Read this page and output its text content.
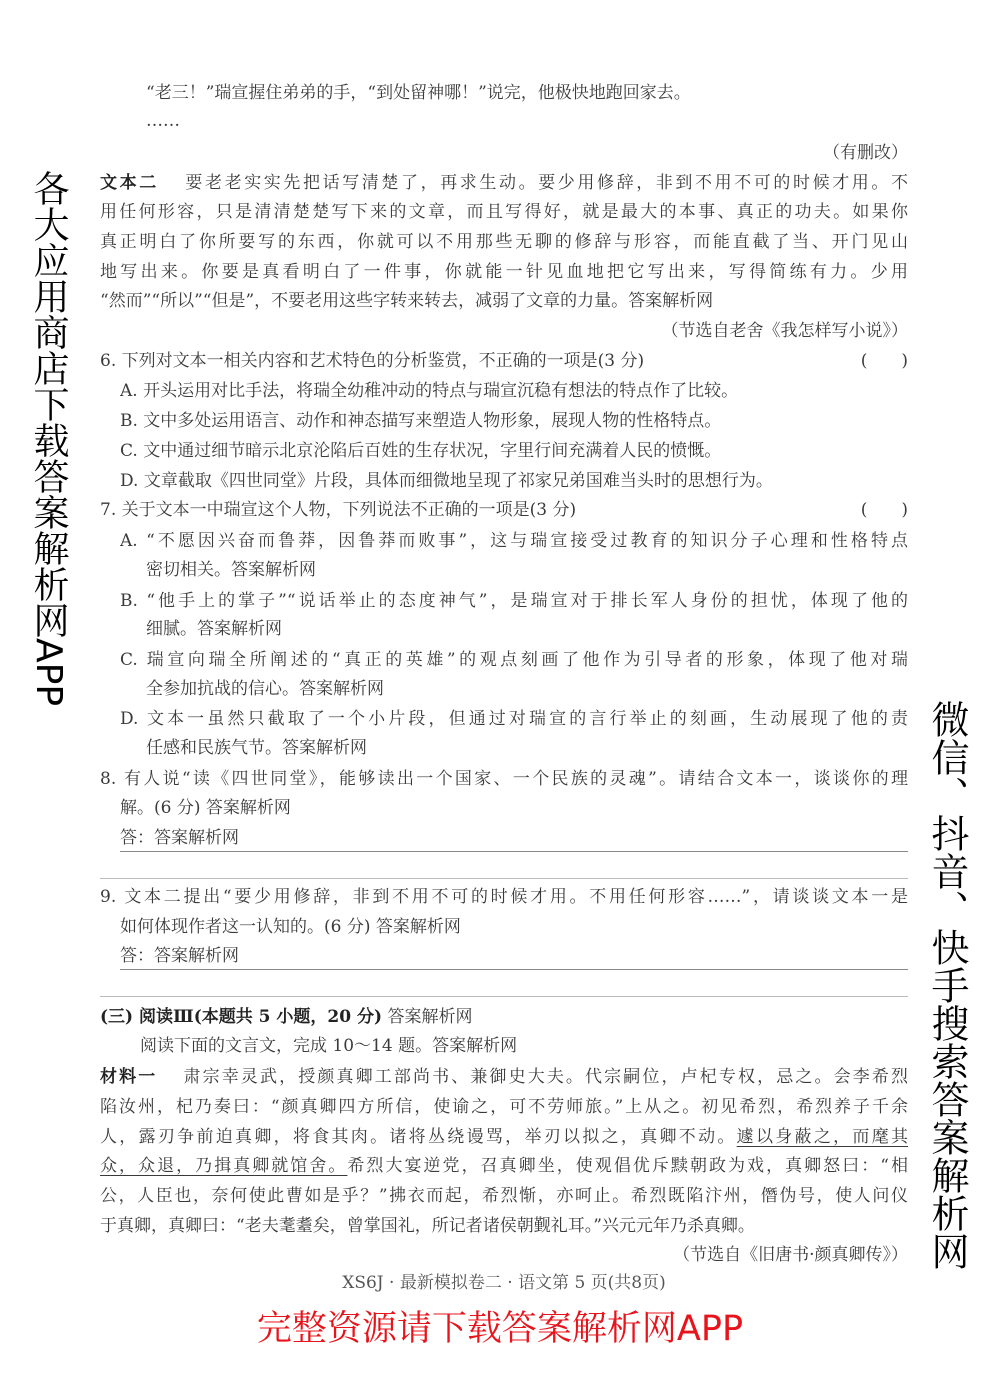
“老三！”瑞宣握住弟弟的手，“到处留神哪！”说完，他极快地跑回家去。
……
（有删改）
文本二 要老老实实先把话写清楚了，再求生动。要少用修辞，非到不用不可的时候才用。不
用任何形容，只是清清楚楚写下来的文章，而且写得好，就是最大的本事、真正的功夫。如果你
真正明白了你所要写的东西，你就可以不用那些无聊的修辞与形容，而能直截了当、开门见山
地写出来。你要是真看明白了一件事，你就能一针见血地把它写出来，写得简练有力。少用
“然而”“所以”“但是”，不要老用这些字转来转去，减弱了文章的力量。答案解析网
（节选自老舍《我怎样写小说》）
6. 下列对文本一相关内容和艺术特色的分析鉴赏，不正确的一项是(3 分)	(　　)
A. 开头运用对比手法，将瑞全幼稚冲动的特点与瑞宣沉稳有想法的特点作了比较。
B. 文中多处运用语言、动作和神态描写来塑造人物形象，展现人物的性格特点。
C. 文中通过细节暗示北京沦陷后百姓的生存状况，字里行间充满着人民的愤慨。
D. 文章截取《四世同堂》片段，具体而细微地呈现了祁家兄弟国难当头时的思想行为。
7. 关于文本一中瑞宣这个人物，下列说法不正确的一项是(3 分)	(　　)
A. “不愿因兴奋而鲁莽，因鲁莽而败事”，这与瑞宣接受过教育的知识分子心理和性格特点
密切相关。答案解析网
B. “他手上的掌子”“说话举止的态度神气”，是瑞宣对于排长军人身份的担忧，体现了他的
细腻。答案解析网
C. 瑞宣向瑞全所阐述的“真正的英雄”的观点刻画了他作为引导者的形象，体现了他对瑞
全参加抗战的信心。答案解析网
D. 文本一虽然只截取了一个小片段，但通过对瑞宣的言行举止的刻画，生动展现了他的责
任感和民族气节。答案解析网
8. 有人说“读《四世同堂》，能够读出一个国家、一个民族的灵魂”。请结合文本一，谈谈你的理
解。(6 分) 答案解析网
答：答案解析网
9. 文本二提出“要少用修辞，非到不用不可的时候才用。不用任何形容……”，请谈谈文本一是
如何体现作者这一认知的。(6 分) 答案解析网
答：答案解析网
(三) 阅读Ⅲ(本题共 5 小题，20 分) 答案解析网
阅读下面的文言文，完成 10～14 题。答案解析网
材料一 肃宗幸灵武，授颜真卿工部尚书、兼御史大夫。代宗嗣位，卢杞专权，忌之。会李希烈
陷汝州，杞乃奏曰：“颜真卿四方所信，使谕之，可不劳师旅。”上从之。初见希烈，希烈养子千余
人，露刃争前迫真卿，将食其肉。诸将丛绕谩骂，举刃以拟之，真卿不动。遽以身蔽之，而麾其
众，众退，乃揖真卿就馆舍。希烈大宴逆党，召真卿坐，使观倡优斥黩朝政为戏，真卿怒曰：“相
公，人臣也，奈何使此曹如是乎？”拂衣而起，希烈惭，亦呵止。希烈既陷汴州，僭伪号，使人问仪
于真卿，真卿曰：“老夫耄耋矣，曾掌国礼，所记者诸侯朝觐礼耳。”兴元元年乃杀真卿。
（节选自《旧唐书·颜真卿传》）
XS6J · 最新模拟卷二 · 语文第 5 页(共8页)
各大应用商店下载答案解析网APP
完整资源请下载答案解析网APP
微信、抖音、快手搜索答案解析网
